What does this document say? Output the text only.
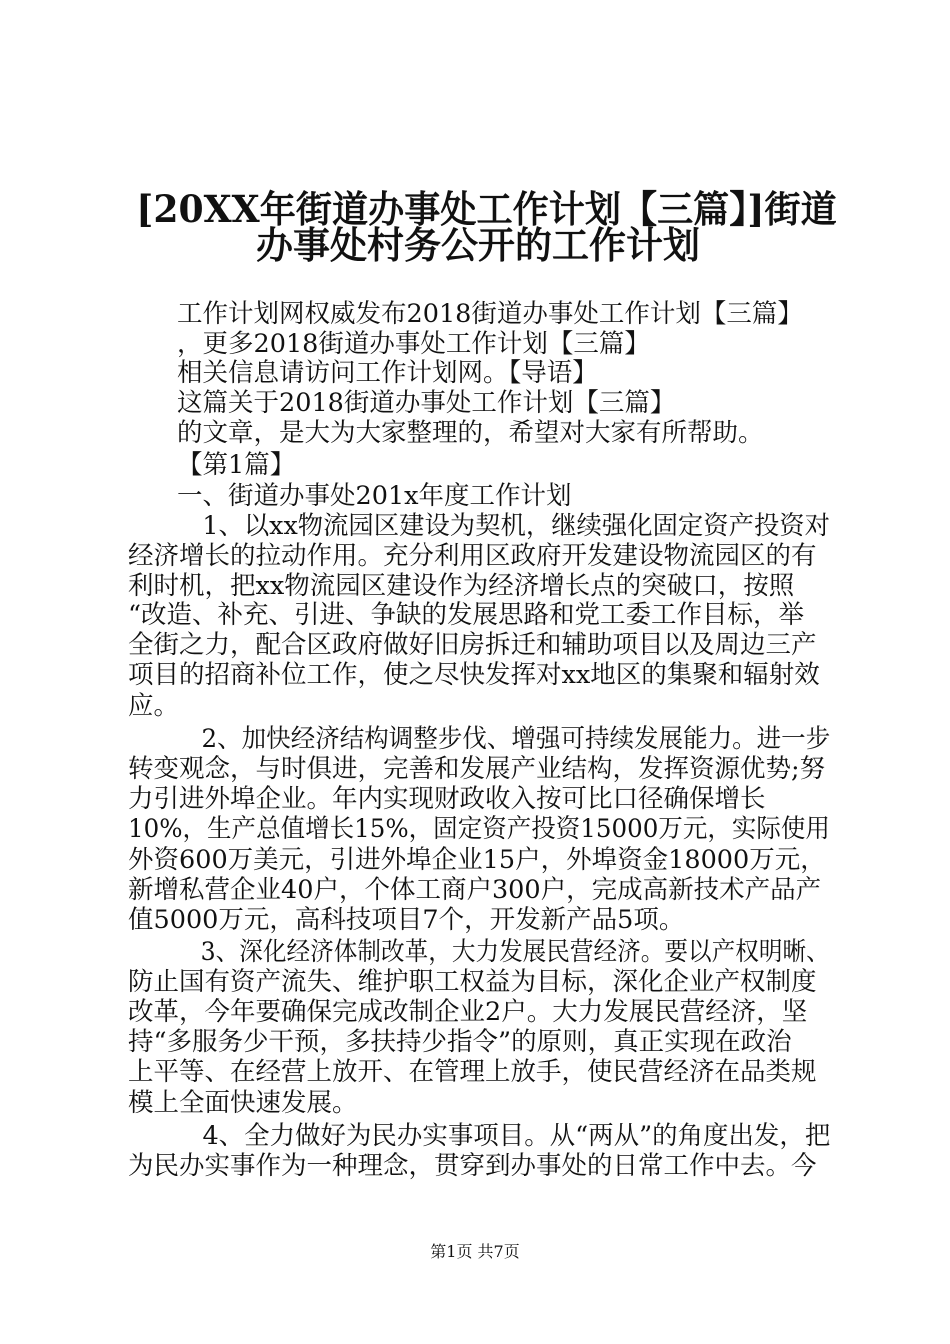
[20XX年街道办事处工作计划【三篇】]街道
办事处村务公开的工作计划
工作计划网权威发布2018街道办事处工作计划【三篇】
，更多2018街道办事处工作计划【三篇】
相关信息请访问工作计划网。【导语】
这篇关于2018街道办事处工作计划【三篇】
的文章，是大为大家整理的，希望对大家有所帮助。
【第1篇】
一、街道办事处201x年度工作计划
　1、以xx物流园区建设为契机，继续强化固定资产投资对
经济增长的拉动作用。充分利用区政府开发建设物流园区的有
利时机，把xx物流园区建设作为经济增长点的突破口，按照
“改造、补充、引进、争缺的发展思路和党工委工作目标，举
全街之力，配合区政府做好旧房拆迁和辅助项目以及周边三产
项目的招商补位工作，使之尽快发挥对xx地区的集聚和辐射效
应。
　2、加快经济结构调整步伐、增强可持续发展能力。进一步
转变观念，与时俱进，完善和发展产业结构，发挥资源优势;努
力引进外埠企业。年内实现财政收入按可比口径确保增长
10%，生产总值增长15%，固定资产投资15000万元，实际使用
外资600万美元，引进外埠企业15户，外埠资金18000万元，
新增私营企业40户，个体工商户300户，完成高新技术产品产
值5000万元，高科技项目7个，开发新产品5项。
　3、深化经济体制改革，大力发展民营经济。要以产权明晰、
防止国有资产流失、维护职工权益为目标，深化企业产权制度
改革，今年要确保完成改制企业2户。大力发展民营经济，坚
持“多服务少干预，多扶持少指令”的原则，真正实现在政治
上平等、在经营上放开、在管理上放手，使民营经济在品类规
模上全面快速发展。
　4、全力做好为民办实事项目。从“两从”的角度出发，把
为民办实事作为一种理念，贯穿到办事处的日常工作中去。今
第1页 共7页
